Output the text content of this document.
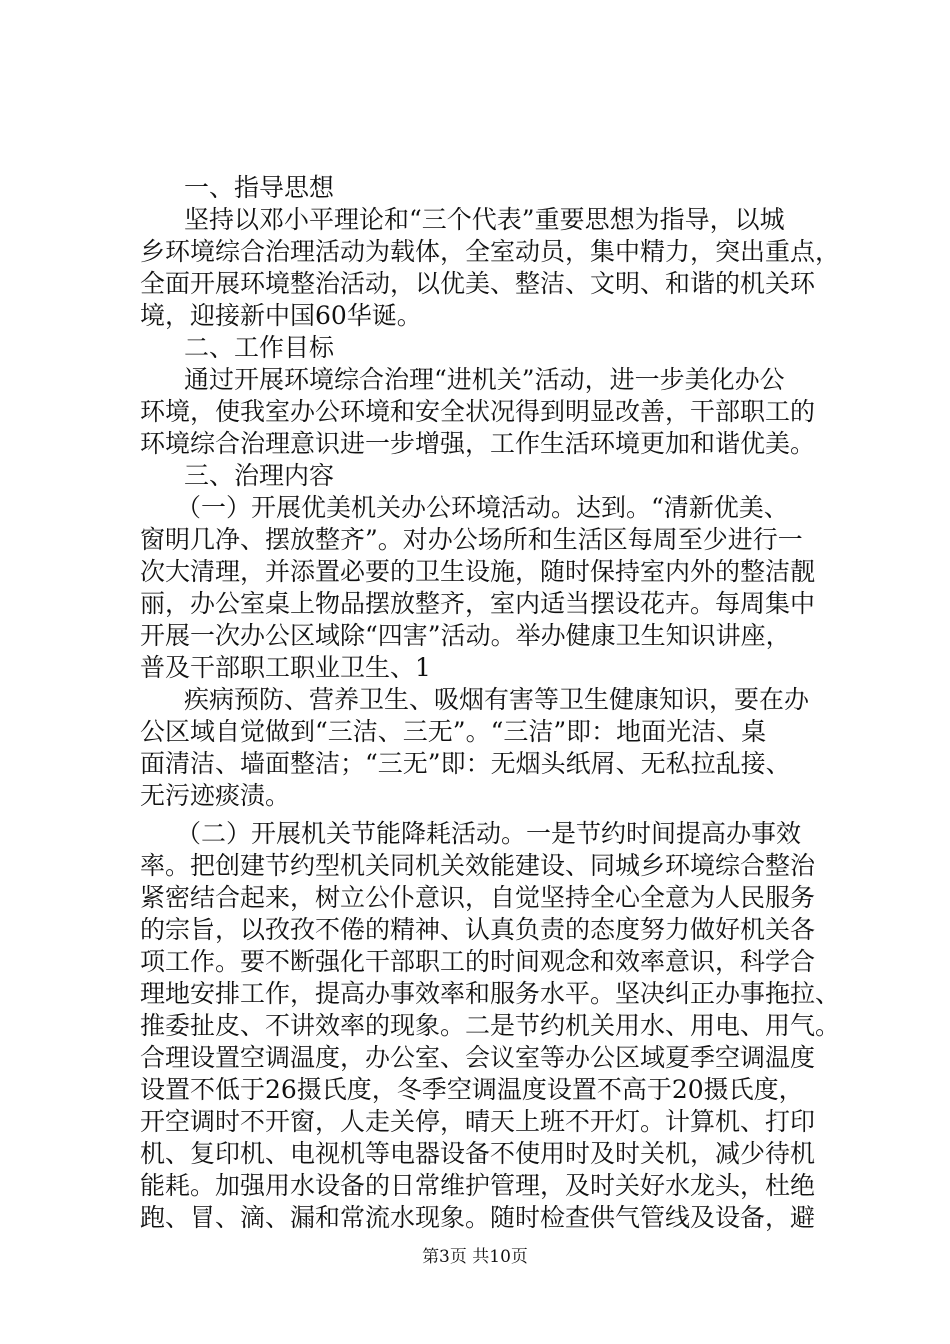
一、指导思想
坚持以邓小平理论和“三个代表”重要思想为指导，以城
乡环境综合治理活动为载体，全室动员，集中精力，突出重点，
全面开展环境整治活动，以优美、整洁、文明、和谐的机关环
境，迎接新中国60华诞。
二、工作目标
通过开展环境综合治理“进机关”活动，进一步美化办公
环境，使我室办公环境和安全状况得到明显改善，干部职工的
环境综合治理意识进一步增强，工作生活环境更加和谐优美。
三、治理内容
（一）开展优美机关办公环境活动。达到。“清新优美、
窗明几净、摆放整齐”。对办公场所和生活区每周至少进行一
次大清理，并添置必要的卫生设施，随时保持室内外的整洁靓
丽，办公室桌上物品摆放整齐，室内适当摆设花卉。每周集中
开展一次办公区域除“四害”活动。举办健康卫生知识讲座，
普及干部职工职业卫生、1
疾病预防、营养卫生、吸烟有害等卫生健康知识，要在办
公区域自觉做到“三洁、三无”。“三洁”即：地面光洁、桌
面清洁、墙面整洁；“三无”即：无烟头纸屑、无私拉乱接、
无污迹痰渍。
（二）开展机关节能降耗活动。一是节约时间提高办事效
率。把创建节约型机关同机关效能建设、同城乡环境综合整治
紧密结合起来，树立公仆意识，自觉坚持全心全意为人民服务
的宗旨，以孜孜不倦的精神、认真负责的态度努力做好机关各
项工作。要不断强化干部职工的时间观念和效率意识，科学合
理地安排工作，提高办事效率和服务水平。坚决纠正办事拖拉、
推委扯皮、不讲效率的现象。二是节约机关用水、用电、用气。
合理设置空调温度，办公室、会议室等办公区域夏季空调温度
设置不低于26摄氏度，冬季空调温度设置不高于20摄氏度，
开空调时不开窗，人走关停，晴天上班不开灯。计算机、打印
机、复印机、电视机等电器设备不使用时及时关机，减少待机
能耗。加强用水设备的日常维护管理，及时关好水龙头，杜绝
跑、冒、滴、漏和常流水现象。随时检查供气管线及设备，避
第3页 共10页
